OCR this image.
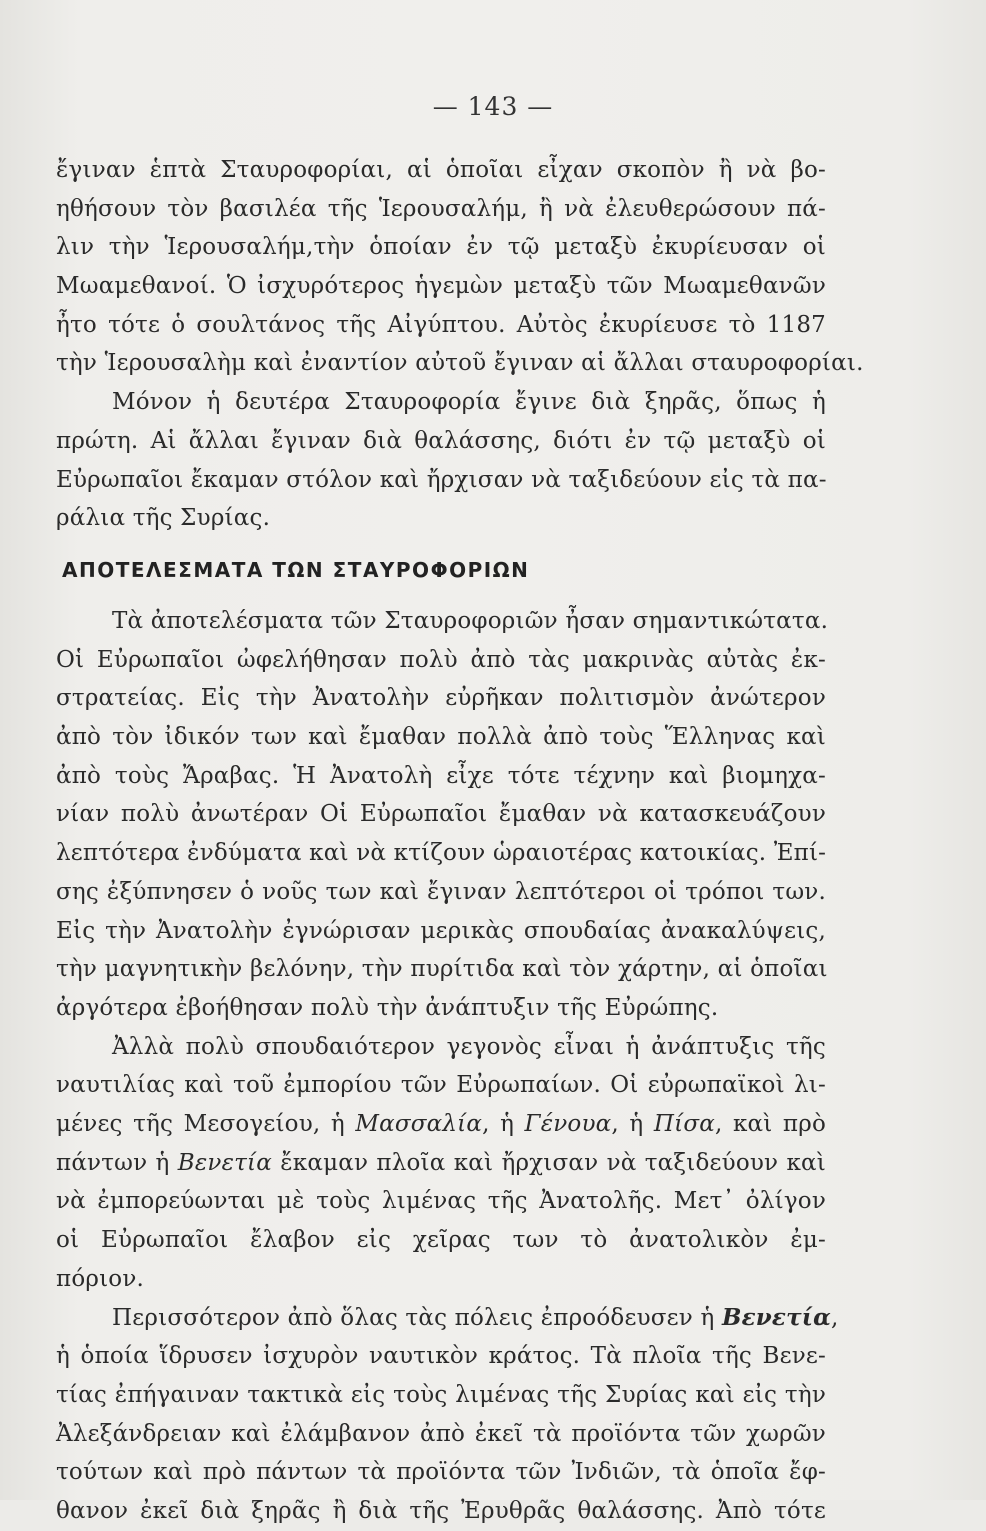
— 143 —
ἔγιναν ἑπτὰ Σταυροφορίαι, αἱ ὁποῖαι εἶχαν σκοπὸν ἢ νὰ βο-
ηθήσουν τὸν βασιλέα τῆς Ἱερουσαλήμ, ἢ νὰ ἐλευθερώσουν πά-
λιν τὴν Ἱερουσαλήμ,τὴν ὁποίαν ἐν τῷ μεταξὺ ἐκυρίευσαν οἱ
Μωαμεθανοί. Ὁ ἰσχυρότερος ἡγεμὼν μεταξὺ τῶν Μωαμεθανῶν
ἦτο τότε ὁ σουλτάνος τῆς Αἰγύπτου. Αὐτὸς ἐκυρίευσε τὸ 1187
τὴν Ἱερουσαλὴμ καὶ ἐναντίον αὐτοῦ ἔγιναν αἱ ἄλλαι σταυροφορίαι.
Μόνον ἡ δευτέρα Σταυροφορία ἔγινε διὰ ξηρᾶς, ὅπως ἡ
πρώτη. Αἱ ἄλλαι ἔγιναν διὰ θαλάσσης, διότι ἐν τῷ μεταξὺ οἱ
Εὐρωπαῖοι ἔκαμαν στόλον καὶ ἤρχισαν νὰ ταξιδεύουν εἰς τὰ πα-
ράλια τῆς Συρίας.
ΑΠΟΤΕΛΕΣΜΑΤΑ ΤΩΝ ΣΤΑΥΡΟΦΟΡΙΩΝ
Τὰ ἀποτελέσματα τῶν Σταυροφοριῶν ἦσαν σημαντικώτατα.
Οἱ Εὐρωπαῖοι ὠφελήθησαν πολὺ ἀπὸ τὰς μακρινὰς αὐτὰς ἐκ-
στρατείας. Εἰς τὴν Ἀνατολὴν εὐρῆκαν πολιτισμὸν ἀνώτερον
ἀπὸ τὸν ἰδικόν των καὶ ἔμαθαν πολλὰ ἀπὸ τοὺς Ἕλληνας καὶ
ἀπὸ τοὺς Ἄραβας. Ἡ Ἀνατολὴ εἶχε τότε τέχνην καὶ βιομηχα-
νίαν πολὺ ἀνωτέραν Οἱ Εὐρωπαῖοι ἔμαθαν νὰ κατασκευάζουν
λεπτότερα ἐνδύματα καὶ νὰ κτίζουν ὡραιοτέρας κατοικίας. Ἐπί-
σης ἐξύπνησεν ὁ νοῦς των καὶ ἔγιναν λεπτότεροι οἱ τρόποι των.
Εἰς τὴν Ἀνατολὴν ἐγνώρισαν μερικὰς σπουδαίας ἀνακαλύψεις,
τὴν μαγνητικὴν βελόνην, τὴν πυρίτιδα καὶ τὸν χάρτην, αἱ ὁποῖαι
ἀργότερα ἐβοήθησαν πολὺ τὴν ἀνάπτυξιν τῆς Εὐρώπης.
Ἀλλὰ πολὺ σπουδαιότερον γεγονὸς εἶναι ἡ ἀνάπτυξις τῆς
ναυτιλίας καὶ τοῦ ἐμπορίου τῶν Εὐρωπαίων. Οἱ εὐρωπαϊκοὶ λι-
μένες τῆς Μεσογείου, ἡ Μασσαλία, ἡ Γένουα, ἡ Πίσα, καὶ πρὸ
πάντων ἡ Βενετία ἔκαμαν πλοῖα καὶ ἤρχισαν νὰ ταξιδεύουν καὶ
νὰ ἐμπορεύωνται μὲ τοὺς λιμένας τῆς Ἀνατολῆς. Μετ᾽ ὀλίγον
οἱ Εὐρωπαῖοι ἔλαβον εἰς χεῖρας των τὸ ἀνατολικὸν ἐμ-
πόριον.
Περισσότερον ἀπὸ ὅλας τὰς πόλεις ἐπροόδευσεν ἡ Βενετία,
ἡ ὁποία ἵδρυσεν ἰσχυρὸν ναυτικὸν κράτος. Τὰ πλοῖα τῆς Βενε-
τίας ἐπήγαιναν τακτικὰ εἰς τοὺς λιμένας τῆς Συρίας καὶ εἰς τὴν
Ἀλεξάνδρειαν καὶ ἐλάμβανον ἀπὸ ἐκεῖ τὰ προϊόντα τῶν χωρῶν
τούτων καὶ πρὸ πάντων τὰ προϊόντα τῶν Ἰνδιῶν, τὰ ὁποῖα ἔφ-
θανον ἐκεῖ διὰ ξηρᾶς ἢ διὰ τῆς Ἐρυθρᾶς θαλάσσης. Ἀπὸ τότε
